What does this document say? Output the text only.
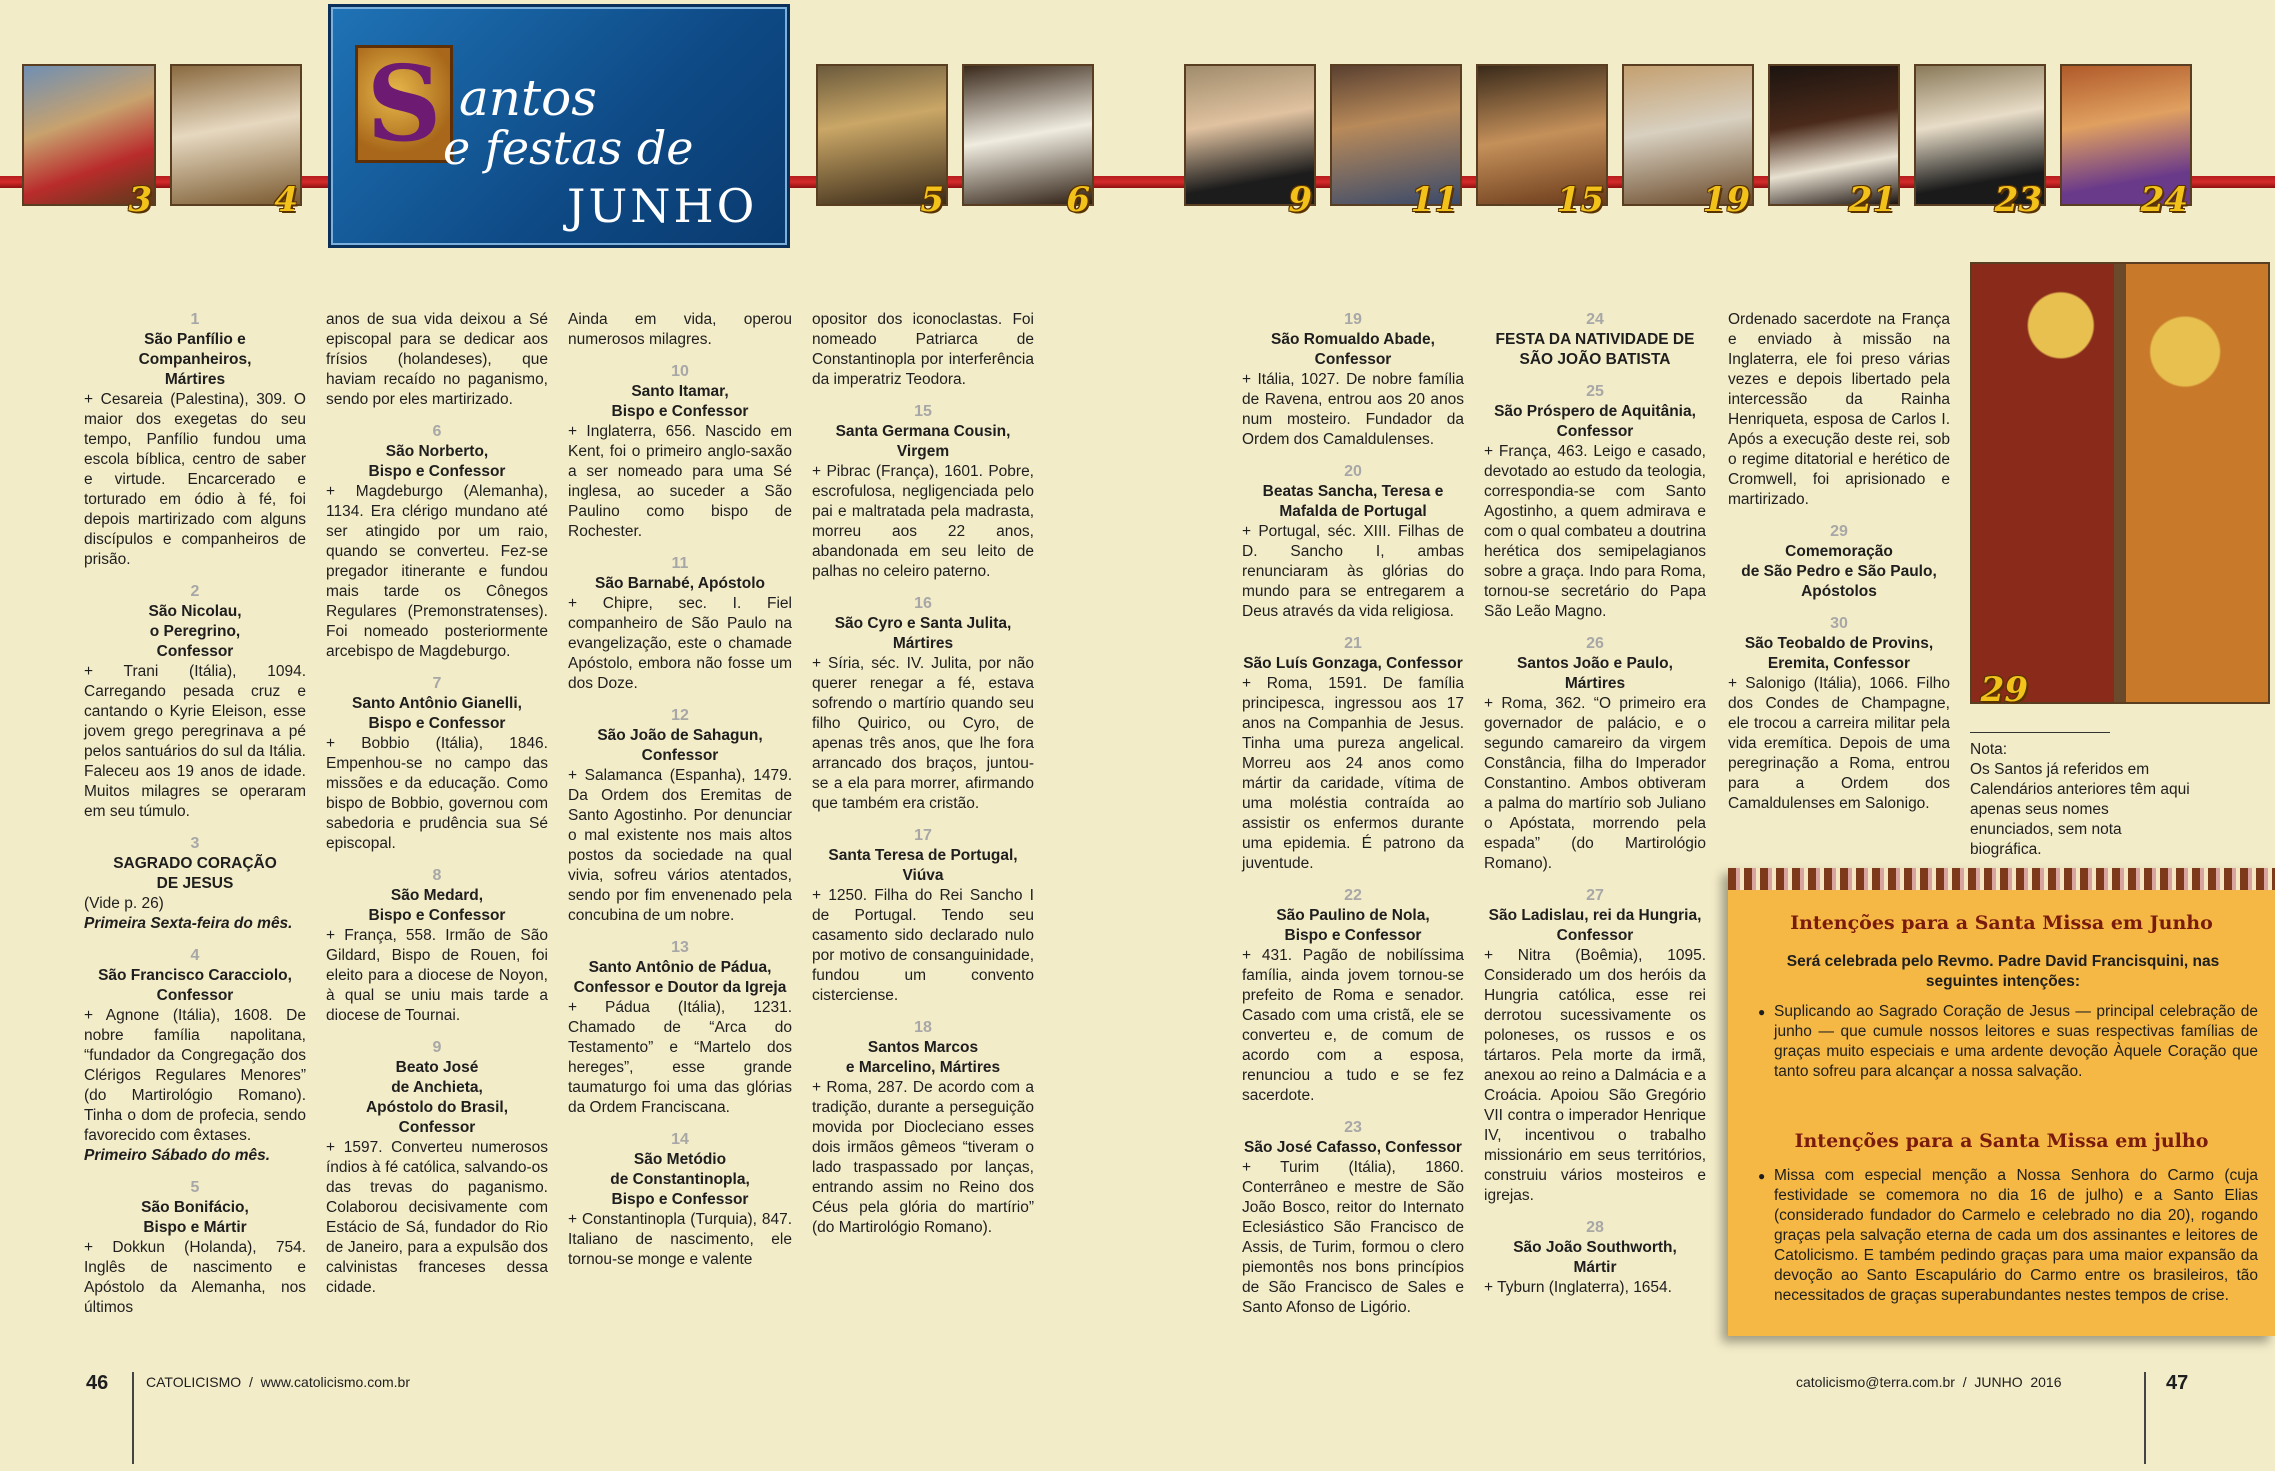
3	4	5	6	9	11	15	19	21	23	24
S antos
e festas de
JUNHO
1
São Panfílio e
Companheiros,
Mártires

+ Cesareia (Palestina), 309. O maior dos exegetas do seu tempo, Panfílio fundou uma escola bíblica, centro de saber e virtude. Encarcerado e torturado em ódio à fé, foi depois martirizado com alguns discípulos e companheiros de prisão.

2
São Nicolau,
o Peregrino,
Confessor

+ Trani (Itália), 1094. Carregando pesada cruz e cantando o Kyrie Eleison, esse jovem grego peregrinava a pé pelos santuários do sul da Itália. Faleceu aos 19 anos de idade. Muitos milagres se operaram em seu túmulo.

3
SAGRADO CORAÇÃO
DE JESUS

(Vide p. 26)

Primeira Sexta-feira do mês.

4
São Francisco Caracciolo,
Confessor

+ Agnone (Itália), 1608. De nobre família napolitana, “fundador da Congregação dos Clérigos Regulares Menores” (do Martirológio Romano). Tinha o dom de profecia, sendo favorecido com êxtases.

Primeiro Sábado do mês.

5
São Bonifácio,
Bispo e Mártir

+ Dokkun (Holanda), 754. Inglês de nascimento e Apóstolo da Alemanha, nos últimos

anos de sua vida deixou a Sé episcopal para se dedicar aos frísios (holandeses), que haviam recaído no paganismo, sendo por eles martirizado.

6
São Norberto,
Bispo e Confessor

+ Magdeburgo (Alemanha), 1134. Era clérigo mundano até ser atingido por um raio, quando se converteu. Fez-se pregador itinerante e fundou mais tarde os Cônegos Regulares (Premonstratenses). Foi nomeado posteriormente arcebispo de Magdeburgo.

7
Santo Antônio Gianelli,
Bispo e Confessor

+ Bobbio (Itália), 1846. Empenhou-se no campo das missões e da educação. Como bispo de Bobbio, governou com sabedoria e prudência sua Sé episcopal.

8
São Medard,
Bispo e Confessor

+ França, 558. Irmão de São Gildard, Bispo de Rouen, foi eleito para a diocese de Noyon, à qual se uniu mais tarde a diocese de Tournai.

9
Beato José
de Anchieta,
Apóstolo do Brasil,
Confessor

+ 1597. Converteu numerosos índios à fé católica, salvando-os das trevas do paganismo. Colaborou decisivamente com Estácio de Sá, fundador do Rio de Janeiro, para a expulsão dos calvinistas franceses dessa cidade.

Ainda em vida, operou numerosos milagres.

10
Santo Itamar,
Bispo e Confessor

+ Inglaterra, 656. Nascido em Kent, foi o primeiro anglo-saxão a ser nomeado para uma Sé inglesa, ao suceder a São Paulino como bispo de Rochester.

11
São Barnabé, Apóstolo

+ Chipre, sec. I. Fiel companheiro de São Paulo na evangelização, este o chamade Apóstolo, embora não fosse um dos Doze.

12
São João de Sahagun,
Confessor

+ Salamanca (Espanha), 1479. Da Ordem dos Eremitas de Santo Agostinho. Por denunciar o mal existente nos mais altos postos da sociedade na qual vivia, sofreu vários atentados, sendo por fim envenenado pela concubina de um nobre.

13
Santo Antônio de Pádua,
Confessor e Doutor da Igreja

+ Pádua (Itália), 1231. Chamado de “Arca do Testamento” e “Martelo dos hereges”, esse grande taumaturgo foi uma das glórias da Ordem Franciscana.

14
São Metódio
de Constantinopla,
Bispo e Confessor

+ Constantinopla (Turquia), 847. Italiano de nascimento, ele tornou-se monge e valente

opositor dos iconoclastas. Foi nomeado Patriarca de Constantinopla por interferência da imperatriz Teodora.

15
Santa Germana Cousin,
Virgem

+ Pibrac (França), 1601. Pobre, escrofulosa, negligenciada pelo pai e maltratada pela madrasta, morreu aos 22 anos, abandonada em seu leito de palhas no celeiro paterno.

16
São Cyro e Santa Julita,
Mártires

+ Síria, séc. IV. Julita, por não querer renegar a fé, estava sofrendo o martírio quando seu filho Quirico, ou Cyro, de apenas três anos, que lhe fora arrancado dos braços, juntou-se a ela para morrer, afirmando que também era cristão.

17
Santa Teresa de Portugal,
Viúva

+ 1250. Filha do Rei Sancho I de Portugal. Tendo seu casamento sido declarado nulo por motivo de consanguinidade, fundou um convento cisterciense.

18
Santos Marcos
e Marcelino, Mártires

+ Roma, 287. De acordo com a tradição, durante a perseguição movida por Diocleciano esses dois irmãos gêmeos “tiveram o lado traspassado por lanças, entrando assim no Reino dos Céus pela glória do martírio” (do Martirológio Romano).

19
São Romualdo Abade,
Confessor

+ Itália, 1027. De nobre família de Ravena, entrou aos 20 anos num mosteiro. Fundador da Ordem dos Camaldulenses.

20
Beatas Sancha, Teresa e
Mafalda de Portugal

+ Portugal, séc. XIII. Filhas de D. Sancho I, ambas renunciaram às glórias do mundo para se entregarem a Deus através da vida religiosa.

21
São Luís Gonzaga, Confessor

+ Roma, 1591. De família principesca, ingressou aos 17 anos na Companhia de Jesus. Tinha uma pureza angelical. Morreu aos 24 anos como mártir da caridade, vítima de uma moléstia contraída ao assistir os enfermos durante uma epidemia. É patrono da juventude.

22
São Paulino de Nola,
Bispo e Confessor

+ 431. Pagão de nobilíssima família, ainda jovem tornou-se prefeito de Roma e senador. Casado com uma cristã, ele se converteu e, de comum de acordo com a esposa, renunciou a tudo e se fez sacerdote.

23
São José Cafasso, Confessor

+ Turim (Itália), 1860. Conterrâneo e mestre de São João Bosco, reitor do Internato Eclesiástico São Francisco de Assis, de Turim, formou o clero piemontês nos bons princípios de São Francisco de Sales e Santo Afonso de Ligório.

24
FESTA DA NATIVIDADE DE
SÃO JOÃO BATISTA
25
São Próspero de Aquitânia,
Confessor

+ França, 463. Leigo e casado, devotado ao estudo da teologia, correspondia-se com Santo Agostinho, a quem admirava e com o qual combateu a doutrina herética dos semipelagianos sobre a graça. Indo para Roma, tornou-se secretário do Papa São Leão Magno.

26
Santos João e Paulo,
Mártires

+ Roma, 362. “O primeiro era governador de palácio, e o segundo camareiro da virgem Constância, filha do Imperador Constantino. Ambos obtiveram a palma do martírio sob Juliano o Apóstata, morrendo pela espada” (do Martirológio Romano).

27
São Ladislau, rei da Hungria,
Confessor

+ Nitra (Boêmia), 1095. Considerado um dos heróis da Hungria católica, esse rei derrotou sucessivamente os poloneses, os russos e os tártaros. Pela morte da irmã, anexou ao reino a Dalmácia e a Croácia. Apoiou São Gregório VII contra o imperador Henrique IV, incentivou o trabalho missionário em seus territórios, construiu vários mosteiros e igrejas.

28
São João Southworth,
Mártir

+ Tyburn (Inglaterra), 1654.

Ordenado sacerdote na França e enviado à missão na Inglaterra, ele foi preso várias vezes e depois libertado pela intercessão da Rainha Henriqueta, esposa de Carlos I. Após a execução deste rei, sob o regime ditatorial e herético de Cromwell, foi aprisionado e martirizado.

29
Comemoração
de São Pedro e São Paulo,
Apóstolos
30
São Teobaldo de Provins,
Eremita, Confessor

+ Salonigo (Itália), 1066. Filho dos Condes de Champagne, ele trocou a carreira militar pela vida eremítica. Depois de uma peregrinação a Roma, entrou para a Ordem dos Camaldulenses em Salonigo.

29
Nota:
Os Santos já referidos em Calendários anteriores têm aqui apenas seus nomes enunciados, sem nota biográfica.
Intenções para a Santa Missa em Junho
Será celebrada pelo Revmo. Padre David Francisquini, nas seguintes intenções:
● Suplicando ao Sagrado Coração de Jesus — principal celebração de junho — que cumule nossos leitores e suas respectivas famílias de graças muito especiais e uma ardente devoção Àquele Coração que tanto sofreu para alcançar a nossa salvação.
Intenções para a Santa Missa em julho
● Missa com especial menção a Nossa Senhora do Carmo (cuja festividade se comemora no dia 16 de julho) e a Santo Elias (considerado fundador do Carmelo e celebrado no dia 20), rogando graças pela salvação eterna de cada um dos assinantes e leitores de Catolicismo. E também pedindo graças para uma maior expansão da devoção ao Santo Escapulário do Carmo entre os brasileiros, tão necessitados de graças superabundantes nestes tempos de crise.
46	CATOLICISMO  /  www.catolicismo.com.br	catolicismo@terra.com.br  /  JUNHO  2016	47
